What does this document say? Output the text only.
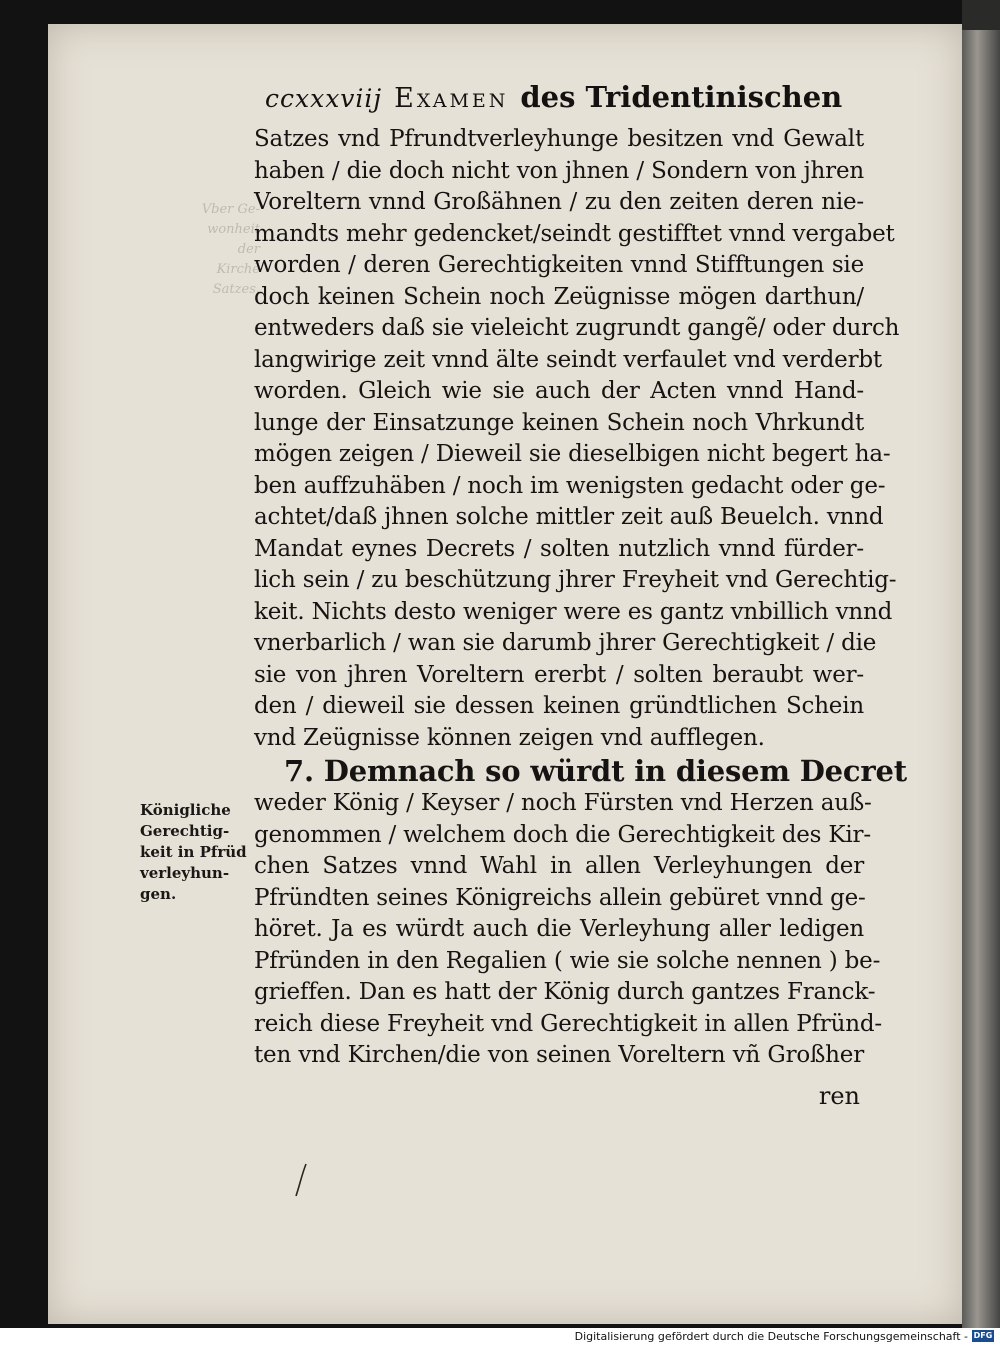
Vber Ge-
wonheit
der Kirchē
Satzes.
ccxxxviij Examen des Tridentinischen
Satzes vnd Pfrundtverleyhunge besitzen vnd Gewalt
haben / die doch nicht von jhnen / Sondern von jhren
Voreltern vnnd Großähnen / zu den zeiten deren nie-
mandts mehr gedencket/seindt gestifftet vnnd vergabet
worden / deren Gerechtigkeiten vnnd Stifftungen sie
doch keinen Schein noch Zeügnisse mögen darthun/
entweders daß sie vieleicht zugrundt gangẽ/ oder durch
langwirige zeit vnnd älte seindt verfaulet vnd verderbt
worden. Gleich wie sie auch der Acten vnnd Hand-
lunge der Einsatzunge keinen Schein noch Vhrkundt
mögen zeigen / Dieweil sie dieselbigen nicht begert ha-
ben auffzuhäben / noch im wenigsten gedacht oder ge-
achtet/daß jhnen solche mittler zeit auß Beuelch. vnnd
Mandat eynes Decrets / solten nutzlich vnnd fürder-
lich sein / zu beschützung jhrer Freyheit vnd Gerechtig-
keit. Nichts desto weniger were es gantz vnbillich vnnd
vnerbarlich / wan sie darumb jhrer Gerechtigkeit / die
sie von jhren Voreltern ererbt / solten beraubt wer-
den / dieweil sie dessen keinen gründtlichen Schein
vnd Zeügnisse können zeigen vnd aufflegen.
7. Demnach so würdt in diesem Decret
weder König / Keyser / noch Fürsten vnd Herzen auß-
genommen / welchem doch die Gerechtigkeit des Kir-
chen Satzes vnnd Wahl in allen Verleyhungen der
Pfründten seines Königreichs allein gebüret vnnd ge-
höret. Ja es würdt auch die Verleyhung aller ledigen
Pfründen in den Regalien ( wie sie solche nennen ) be-
grieffen. Dan es hatt der König durch gantzes Franck-
reich diese Freyheit vnd Gerechtigkeit in allen Pfründ-
ten vnd Kirchen/die von seinen Voreltern vñ Großher
ren
Königliche
Gerechtig-
keit in Pfrüd
verleyhun-
gen.
Digitalisierung gefördert durch die Deutsche Forschungsgemeinschaft - DFG
